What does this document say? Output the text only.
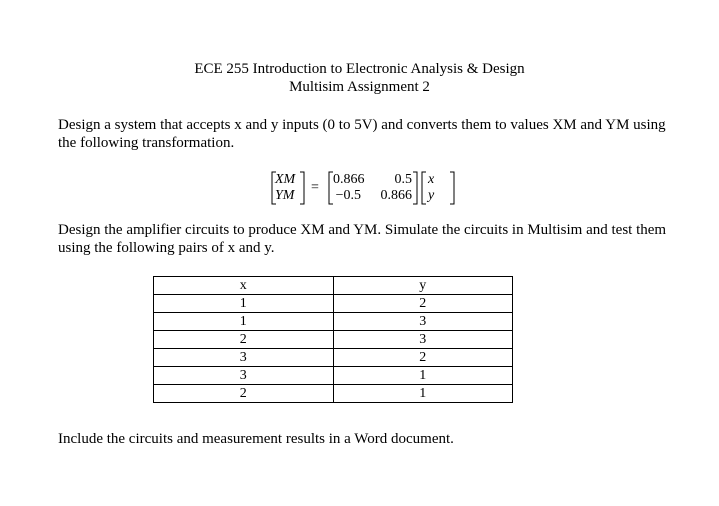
ECE 255 Introduction to Electronic Analysis & Design
Multisim Assignment 2
Design a system that accepts x and y inputs (0 to 5V) and converts them to values XM and YM using the following transformation.
XM
YM
=
0.866
−0.5
0.5
0.866
x
y
Design the amplifier circuits to produce XM and YM. Simulate the circuits in Multisim and test them using the following pairs of x and y.
x	y
1	2
1	3
2	3
3	2
3	1
2	1
Include the circuits and measurement results in a Word document.
